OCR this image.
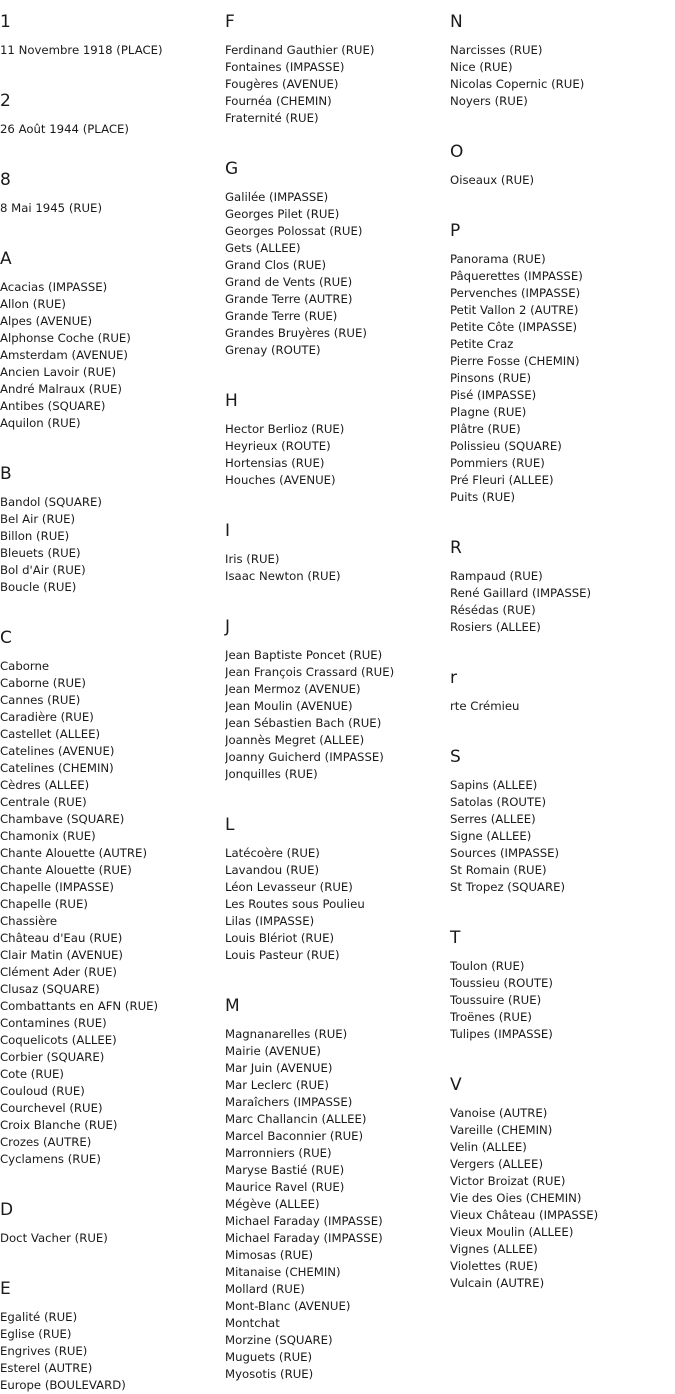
1
11 Novembre 1918 (PLACE)
2
26 Août 1944 (PLACE)
8
8 Mai 1945 (RUE)
A
Acacias (IMPASSE)
Allon (RUE)
Alpes (AVENUE)
Alphonse Coche (RUE)
Amsterdam (AVENUE)
Ancien Lavoir (RUE)
André Malraux (RUE)
Antibes (SQUARE)
Aquilon (RUE)
B
Bandol (SQUARE)
Bel Air (RUE)
Billon (RUE)
Bleuets (RUE)
Bol d'Air (RUE)
Boucle (RUE)
C
Caborne
Caborne (RUE)
Cannes (RUE)
Caradière (RUE)
Castellet (ALLEE)
Catelines (AVENUE)
Catelines (CHEMIN)
Cèdres (ALLEE)
Centrale (RUE)
Chambave (SQUARE)
Chamonix (RUE)
Chante Alouette (AUTRE)
Chante Alouette (RUE)
Chapelle (IMPASSE)
Chapelle (RUE)
Chassière
Château d'Eau (RUE)
Clair Matin (AVENUE)
Clément Ader (RUE)
Clusaz (SQUARE)
Combattants en AFN (RUE)
Contamines (RUE)
Coquelicots (ALLEE)
Corbier (SQUARE)
Cote (RUE)
Couloud (RUE)
Courchevel (RUE)
Croix Blanche (RUE)
Crozes (AUTRE)
Cyclamens (RUE)
D
Doct Vacher (RUE)
E
Egalité (RUE)
Eglise (RUE)
Engrives (RUE)
Esterel (AUTRE)
Europe (BOULEVARD)
F
Ferdinand Gauthier (RUE)
Fontaines (IMPASSE)
Fougères (AVENUE)
Fournéa (CHEMIN)
Fraternité (RUE)
G
Galilée (IMPASSE)
Georges Pilet (RUE)
Georges Polossat (RUE)
Gets (ALLEE)
Grand Clos (RUE)
Grand de Vents (RUE)
Grande Terre (AUTRE)
Grande Terre (RUE)
Grandes Bruyères (RUE)
Grenay (ROUTE)
H
Hector Berlioz (RUE)
Heyrieux (ROUTE)
Hortensias (RUE)
Houches (AVENUE)
I
Iris (RUE)
Isaac Newton (RUE)
J
Jean Baptiste Poncet (RUE)
Jean François Crassard (RUE)
Jean Mermoz (AVENUE)
Jean Moulin (AVENUE)
Jean Sébastien Bach (RUE)
Joannès Megret (ALLEE)
Joanny Guicherd (IMPASSE)
Jonquilles (RUE)
L
Latécoère (RUE)
Lavandou (RUE)
Léon Levasseur (RUE)
Les Routes sous Poulieu
Lilas (IMPASSE)
Louis Blériot (RUE)
Louis Pasteur (RUE)
M
Magnanarelles (RUE)
Mairie (AVENUE)
Mar Juin (AVENUE)
Mar Leclerc (RUE)
Maraîchers (IMPASSE)
Marc Challancin (ALLEE)
Marcel Baconnier (RUE)
Marronniers (RUE)
Maryse Bastié (RUE)
Maurice Ravel (RUE)
Mégève (ALLEE)
Michael Faraday (IMPASSE)
Michael Faraday (IMPASSE)
Mimosas (RUE)
Mitanaise (CHEMIN)
Mollard (RUE)
Mont-Blanc (AVENUE)
Montchat
Morzine (SQUARE)
Muguets (RUE)
Myosotis (RUE)
N
Narcisses (RUE)
Nice (RUE)
Nicolas Copernic (RUE)
Noyers (RUE)
O
Oiseaux (RUE)
P
Panorama (RUE)
Pâquerettes (IMPASSE)
Pervenches (IMPASSE)
Petit Vallon 2 (AUTRE)
Petite Côte (IMPASSE)
Petite Craz
Pierre Fosse (CHEMIN)
Pinsons (RUE)
Pisé (IMPASSE)
Plagne (RUE)
Plâtre (RUE)
Polissieu (SQUARE)
Pommiers (RUE)
Pré Fleuri (ALLEE)
Puits (RUE)
R
Rampaud (RUE)
René Gaillard (IMPASSE)
Résédas (RUE)
Rosiers (ALLEE)
r
rte Crémieu
S
Sapins (ALLEE)
Satolas (ROUTE)
Serres (ALLEE)
Signe (ALLEE)
Sources (IMPASSE)
St Romain (RUE)
St Tropez (SQUARE)
T
Toulon (RUE)
Toussieu (ROUTE)
Toussuire (RUE)
Troënes (RUE)
Tulipes (IMPASSE)
V
Vanoise (AUTRE)
Vareille (CHEMIN)
Velin (ALLEE)
Vergers (ALLEE)
Victor Broizat (RUE)
Vie des Oies (CHEMIN)
Vieux Château (IMPASSE)
Vieux Moulin (ALLEE)
Vignes (ALLEE)
Violettes (RUE)
Vulcain (AUTRE)
